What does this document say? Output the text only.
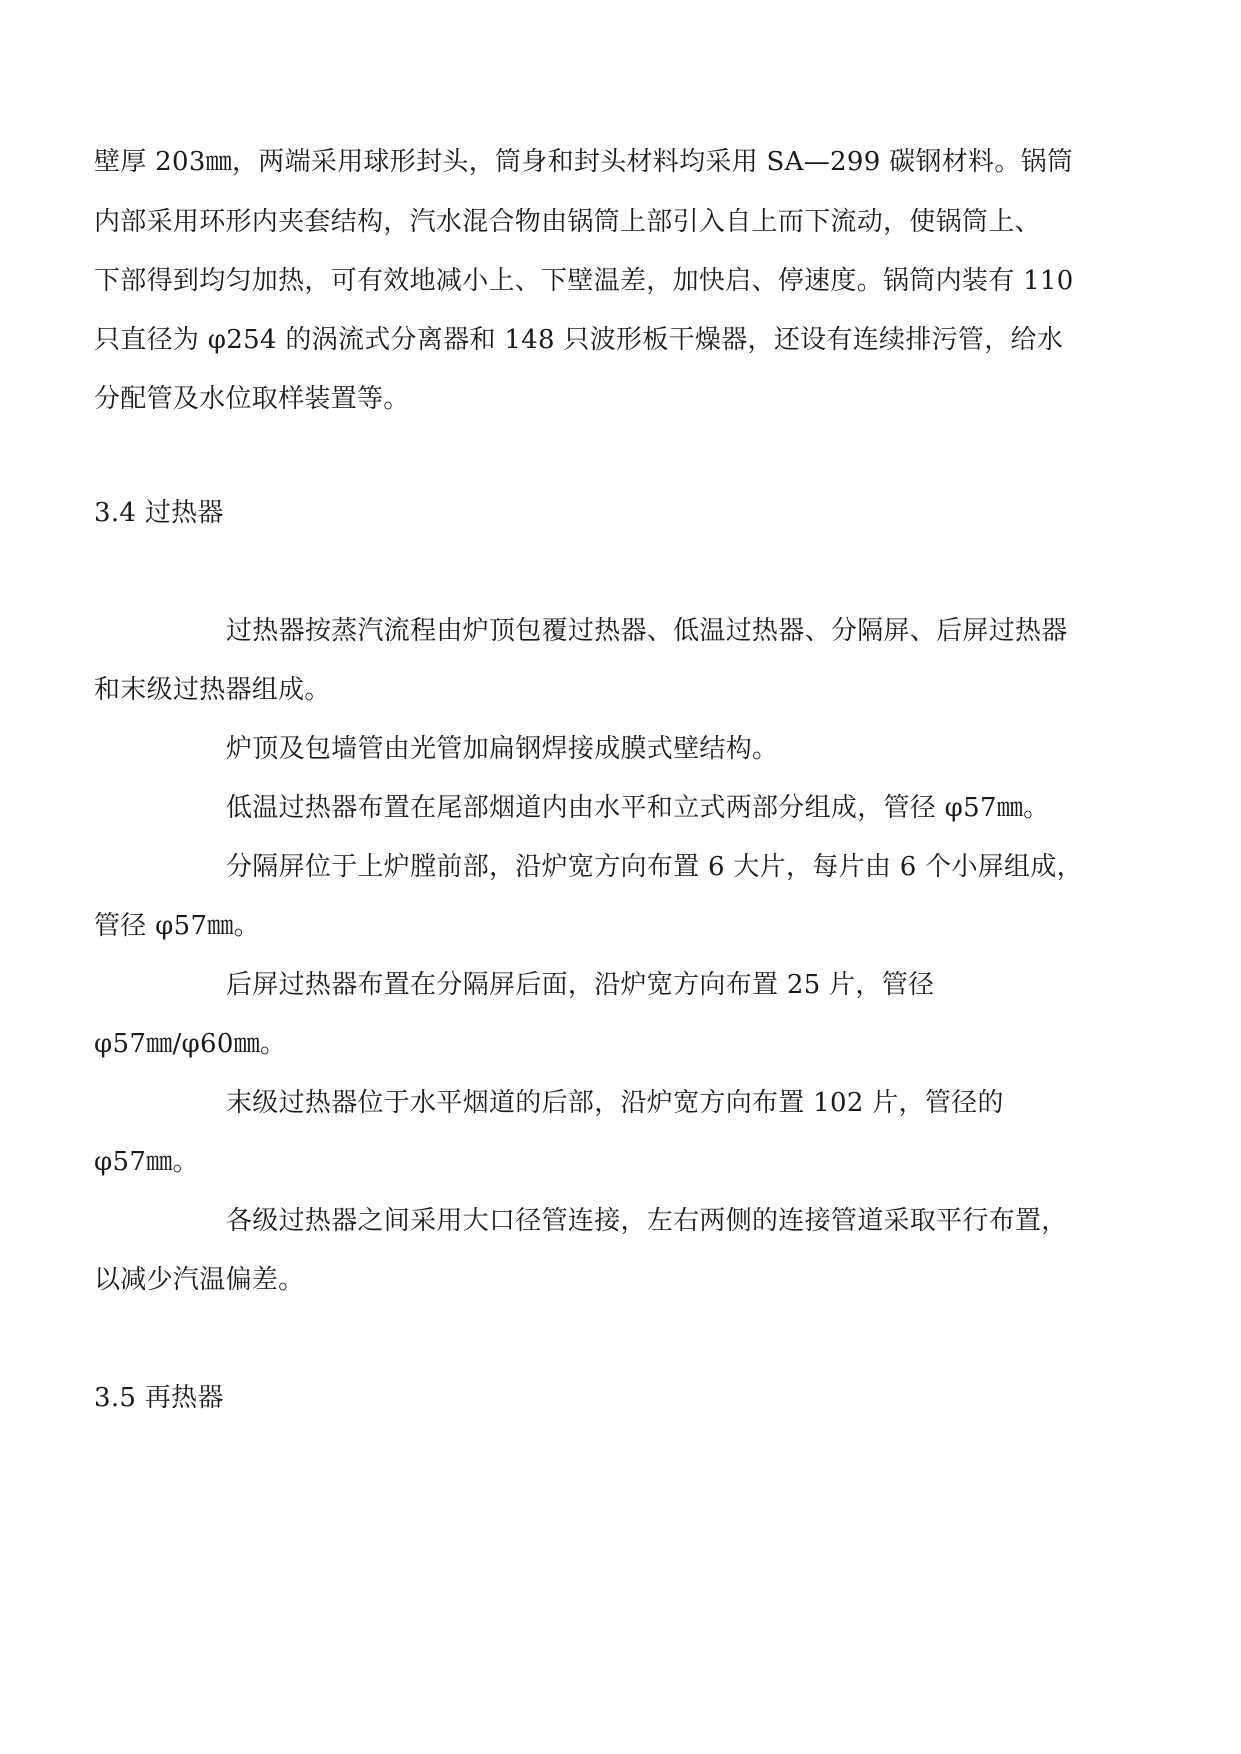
壁厚 203㎜，两端采用球形封头，筒身和封头材料均采用 SA—299 碳钢材料。锅筒
内部采用环形内夹套结构，汽水混合物由锅筒上部引入自上而下流动，使锅筒上、
下部得到均匀加热，可有效地减小上、下壁温差，加快启、停速度。锅筒内装有 110
只直径为 φ254 的涡流式分离器和 148 只波形板干燥器，还设有连续排污管，给水
分配管及水位取样装置等。
3.4 过热器
过热器按蒸汽流程由炉顶包覆过热器、低温过热器、分隔屏、后屏过热器
和末级过热器组成。
炉顶及包墙管由光管加扁钢焊接成膜式壁结构。
低温过热器布置在尾部烟道内由水平和立式两部分组成，管径 φ57㎜。
分隔屏位于上炉膛前部，沿炉宽方向布置 6 大片，每片由 6 个小屏组成，
管径 φ57㎜。
后屏过热器布置在分隔屏后面，沿炉宽方向布置 25 片，管径
φ57㎜/φ60㎜。
末级过热器位于水平烟道的后部，沿炉宽方向布置 102 片，管径的
φ57㎜。
各级过热器之间采用大口径管连接，左右两侧的连接管道采取平行布置，
以减少汽温偏差。
3.5 再热器
